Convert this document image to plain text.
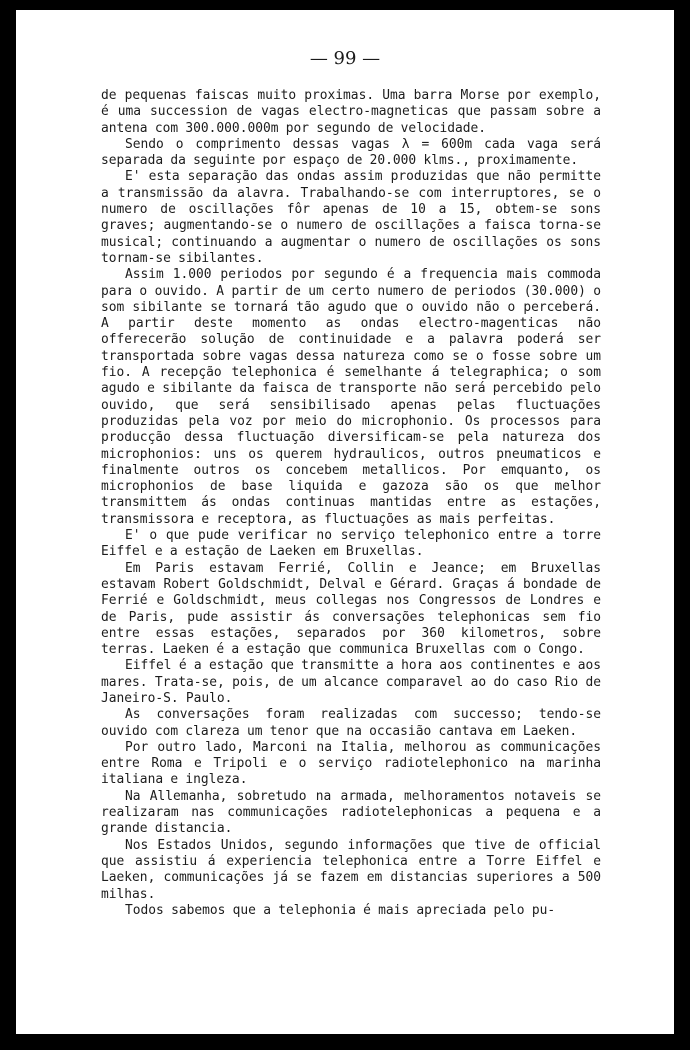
— 99 —

de pequenas faiscas muito proximas. Uma barra Morse por exemplo, é uma succession de vagas electro-magneticas que passam sobre a antena com 300.000.000m por segundo de velocidade.

Sendo o comprimento dessas vagas λ = 600m cada vaga será separada da seguinte por espaço de 20.000 klms., proximamente.

E' esta separação das ondas assim produzidas que não permitte a transmissão da alavra. Trabalhando-se com interruptores, se o numero de oscillações fôr apenas de 10 a 15, obtem-se sons graves; augmentando-se o numero de oscillações a faisca torna-se musical; continuando a augmentar o numero de oscillações os sons tornam-se sibilantes.

Assim 1.000 periodos por segundo é a frequencia mais commoda para o ouvido. A partir de um certo numero de periodos (30.000) o som sibilante se tornará tão agudo que o ouvido não o perceberá. A partir deste momento as ondas electro-magenticas não offerecerão solução de continuidade e a palavra poderá ser transportada sobre vagas dessa natureza como se o fosse sobre um fio. A recepção telephonica é semelhante á telegraphica; o som agudo e sibilante da faisca de transporte não será percebido pelo ouvido, que será sensibilisado apenas pelas fluctuações produzidas pela voz por meio do microphonio. Os processos para producção dessa fluctuação diversificam-se pela natureza dos microphonios: uns os querem hydraulicos, outros pneumaticos e finalmente outros os concebem metallicos. Por emquanto, os microphonios de base liquida e gazoza são os que melhor transmittem ás ondas continuas mantidas entre as estações, transmissora e receptora, as fluctuações as mais perfeitas.

E' o que pude verificar no serviço telephonico entre a torre Eiffel e a estação de Laeken em Bruxellas.

Em Paris estavam Ferrié, Collin e Jeance; em Bruxellas estavam Robert Goldschmidt, Delval e Gérard. Graças á bondade de Ferrié e Goldschmidt, meus collegas nos Congressos de Londres e de Paris, pude assistir ás conversações telephonicas sem fio entre essas estações, separados por 360 kilometros, sobre terras. Laeken é a estação que communica Bruxellas com o Congo.

Eiffel é a estação que transmitte a hora aos continentes e aos mares. Trata-se, pois, de um alcance comparavel ao do caso Rio de Janeiro-S. Paulo.

As conversações foram realizadas com successo; tendo-se ouvido com clareza um tenor que na occasião cantava em Laeken.

Por outro lado, Marconi na Italia, melhorou as communicações entre Roma e Tripoli e o serviço radiotelephonico na marinha italiana e ingleza.

Na Allemanha, sobretudo na armada, melhoramentos notaveis se realizaram nas communicações radiotelephonicas a pequena e a grande distancia.

Nos Estados Unidos, segundo informações que tive de official que assistiu á experiencia telephonica entre a Torre Eiffel e Laeken, communicações já se fazem em distancias superiores a 500 milhas.

Todos sabemos que a telephonia é mais apreciada pelo pu-
